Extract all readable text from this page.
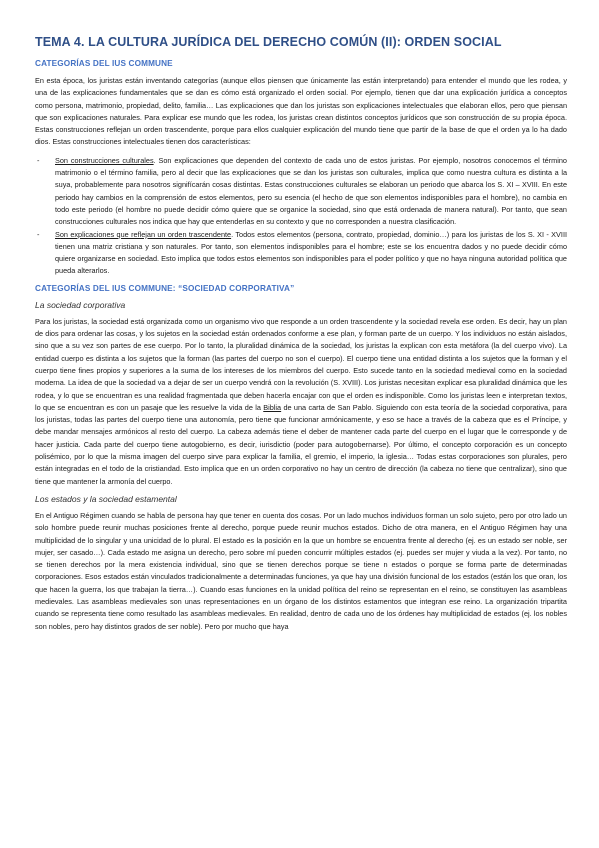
TEMA 4. LA CULTURA JURÍDICA DEL DERECHO COMÚN (II): ORDEN SOCIAL
CATEGORÍAS DEL IUS COMMUNE

En esta época, los juristas están inventando categorías (aunque ellos piensen que únicamente las están interpretando) para entender el mundo que les rodea, y una de las explicaciones fundamentales que se dan es cómo está organizado el orden social. Por ejemplo, tienen que dar una explicación jurídica a conceptos como persona, matrimonio, propiedad, delito, familia… Las explicaciones que dan los juristas son explicaciones intelectuales que elaboran ellos, pero que piensan que son explicaciones naturales. Para explicar ese mundo que les rodea, los juristas crean distintos conceptos jurídicos que son construcción de su propia época. Estas construcciones reflejan un orden trascendente, porque para ellos cualquier explicación del mundo tiene que partir de la base de que el orden ya lo ha dado dios. Estas construcciones intelectuales tienen dos características:

- Son construcciones culturales. Son explicaciones que dependen del contexto de cada uno de estos juristas. Por ejemplo, nosotros conocemos el término matrimonio o el término familia, pero al decir que las explicaciones que se dan los juristas son culturales, implica que como nuestra cultura es distinta a la suya, probablemente para nosotros signifícarán cosas distintas. Estas construcciones culturales se elaboran un periodo que abarca los S. XI – XVIII. En este periodo hay cambios en la comprensión de estos elementos, pero su esencia (el hecho de que son elementos indisponibles para el hombre), no cambia en todo este periodo (el hombre no puede decidir cómo quiere que se organice la sociedad, sino que está ordenada de manera natural). Por tanto, que sean construcciones culturales nos indica que hay que entenderlas en su contexto y que no corresponden a nuestra clasificación.
- Son explicaciones que reflejan un orden trascendente. Todos estos elementos (persona, contrato, propiedad, dominio…) para los juristas de los S. XI - XVIII tienen una matriz cristiana y son naturales. Por tanto, son elementos indisponibles para el hombre; este se los encuentra dados y no puede decidir cómo quiere organizarse en sociedad. Esto implica que todos estos elementos son indisponibles para el poder político y que no haya ninguna autoridad política que pueda alterarlos.
CATEGORÍAS DEL IUS COMMUNE: “SOCIEDAD CORPORATIVA”
La sociedad corporativa

Para los juristas, la sociedad está organizada como un organismo vivo que responde a un orden trascendente y la sociedad revela ese orden. Es decir, hay un plan de dios para ordenar las cosas, y los sujetos en la sociedad están ordenados conforme a ese plan, y forman parte de un cuerpo. Y los individuos no están aislados, sino que a su vez son partes de ese cuerpo. Por lo tanto, la pluralidad dinámica de la sociedad, los juristas la explican con esta metáfora (la del cuerpo vivo). La entidad cuerpo es distinta a los sujetos que la forman (las partes del cuerpo no son el cuerpo). El cuerpo tiene una entidad distinta a los sujetos que la forman y el cuerpo tiene fines propios y superiores a la suma de los intereses de los miembros del cuerpo. Esto sucede tanto en la sociedad medieval como en la sociedad moderna. La idea de que la sociedad va a dejar de ser un cuerpo vendrá con la revolución (S. XVIII). Los juristas necesitan explicar esa pluralidad dinámica que les rodea, y lo que se encuentran es una realidad fragmentada que deben hacerla encajar con que el orden es indisponible. Como los juristas leen e interpretan textos, lo que se encuentran es con un pasaje que les resuelve la vida de la Biblia de una carta de San Pablo. Siguiendo con esta teoría de la sociedad corporativa, para los juristas, todas las partes del cuerpo tiene una autonomía, pero tiene que funcionar armónicamente, y eso se hace a través de la cabeza que es el Príncipe, y debe mandar mensajes armónicos al resto del cuerpo. La cabeza además tiene el deber de mantener cada parte del cuerpo en el lugar que le corresponde y de hacer justicia. Cada parte del cuerpo tiene autogobierno, es decir, iurisdictio (poder para autogobernarse). Por último, el concepto corporación es un concepto polisémico, por lo que la misma imagen del cuerpo sirve para explicar la familia, el gremio, el imperio, la iglesia… Todas estas corporaciones son plurales, pero están integradas en el todo de la cristiandad. Esto implica que en un orden corporativo no hay un centro de dirección (la cabeza no tiene que centralizar), sino que tiene que mantener la armonía del cuerpo.

Los estados y la sociedad estamental

En el Antiguo Régimen cuando se habla de persona hay que tener en cuenta dos cosas. Por un lado muchos individuos forman un solo sujeto, pero por otro lado un solo hombre puede reunir muchas posiciones frente al derecho, porque puede reunir muchos estados. Dicho de otra manera, en el Antiguo Régimen hay una multiplicidad de lo singular y una unicidad de lo plural. El estado es la posición en la que un hombre se encuentra frente al derecho (ej. es un estado ser noble, ser mujer, ser casado…). Cada estado me asigna un derecho, pero sobre mí pueden concurrir múltiples estados (ej. puedes ser mujer y viuda a la vez). Por tanto, no se tienen derechos por la mera existencia individual, sino que se tienen derechos porque se tiene n estados o porque se forma parte de determinadas corporaciones. Esos estados están vinculados tradicionalmente a determinadas funciones, ya que hay una división funcional de los estados (están los que oran, los que hacen la guerra, los que trabajan la tierra…). Cuando esas funciones en la unidad política del reino se representan en el reino, se constituyen las asambleas medievales. Las asambleas medievales son unas representaciones en un órgano de los distintos estamentos que integran ese reino. La organización tripartita cuando se representa tiene como resultado las asambleas medievales. En realidad, dentro de cada uno de los órdenes hay multiplicidad de estados (ej. los nobles son nobles, pero hay distintos grados de ser noble). Pero por mucho que haya
